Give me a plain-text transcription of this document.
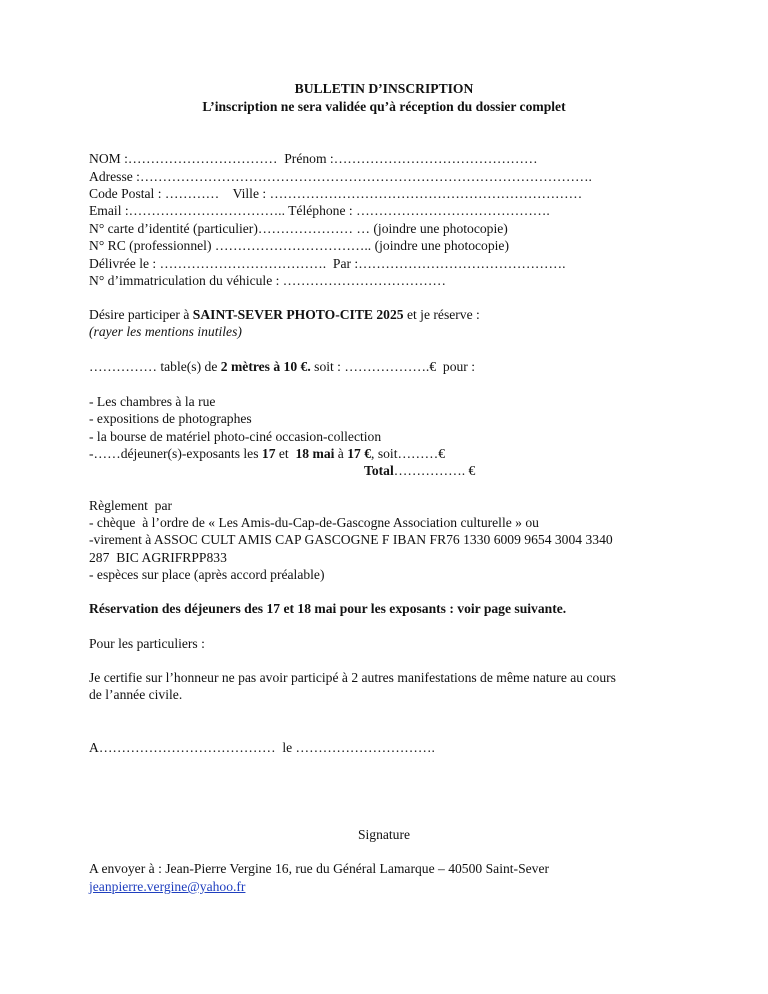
BULLETIN D’INSCRIPTION
L’inscription ne sera validée qu’à réception du dossier complet
NOM :……………………………  Prénom :………………………………………
Adresse :……………………………………………………………………………………….
Code Postal : …………    Ville : ……………………………………………………………
Email :…………………………….. Téléphone : …………………………………….
N° carte d’identité (particulier)………………… … (joindre une photocopie)
N° RC (professionnel) …………………………….. (joindre une photocopie)
Délivrée le : ……………………………….  Par :……………………………………….
N° d’immatriculation du véhicule : ………………………………
Désire participer à SAINT-SEVER PHOTO-CITE 2025 et je réserve :
(rayer les mentions inutiles)
…………… table(s) de 2 mètres à 10 €. soit : ……………….€  pour :
- Les chambres à la rue
- expositions de photographes
- la bourse de matériel photo-ciné occasion-collection
-……déjeuner(s)-exposants les 17 et  18 mai à 17 €, soit………€
Total……………. €
Règlement  par
- chèque  à l’ordre de « Les Amis-du-Cap-de-Gascogne Association culturelle » ou
-virement à ASSOC CULT AMIS CAP GASCOGNE F IBAN FR76 1330 6009 9654 3004 3340
287  BIC AGRIFRPP833
- espèces sur place (après accord préalable)
Réservation des déjeuners des 17 et 18 mai pour les exposants : voir page suivante.
Pour les particuliers :
Je certifie sur l’honneur ne pas avoir participé à 2 autres manifestations de même nature au cours
de l’année civile.
A…………………………………  le ………………………….
Signature
A envoyer à : Jean-Pierre Vergine 16, rue du Général Lamarque – 40500 Saint-Sever
jeanpierre.vergine@yahoo.fr
